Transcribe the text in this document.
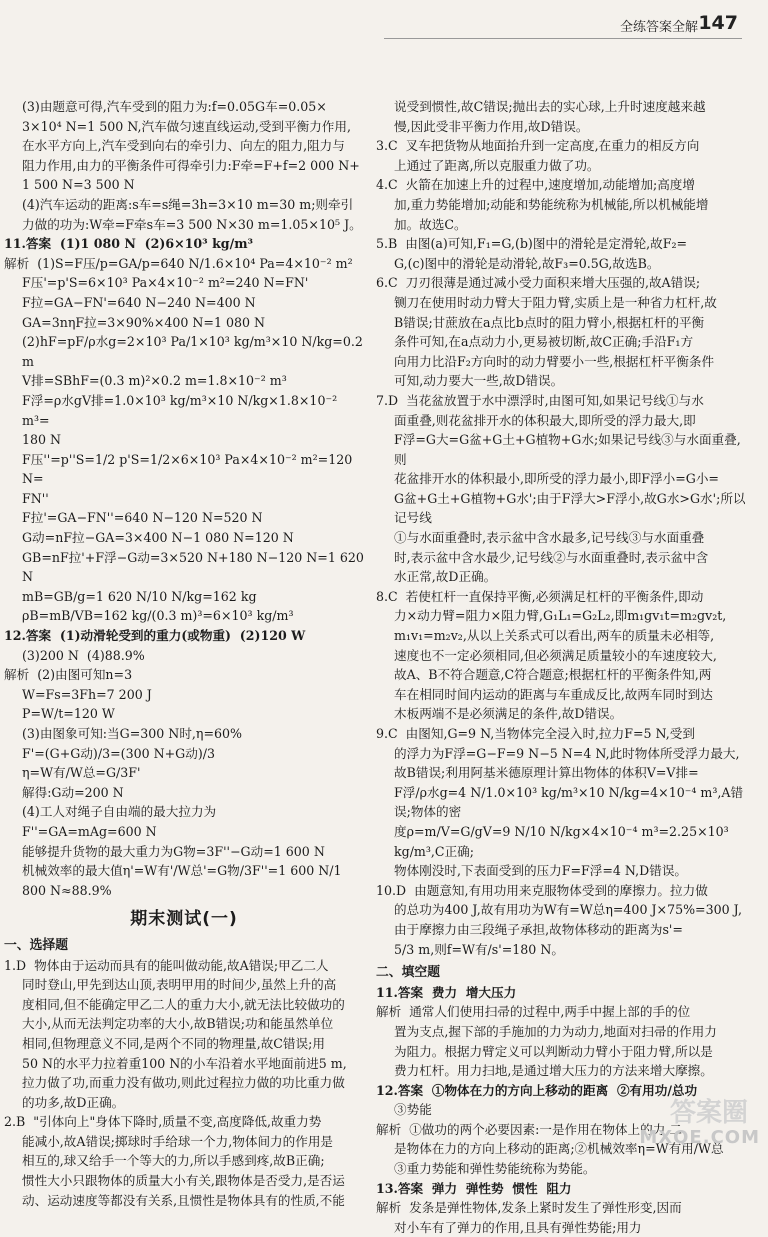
全练答案全解 147

(3)由题意可得,汽车受到的阻力为:f=0.05G车=0.05×

3×10⁴ N=1 500 N,汽车做匀速直线运动,受到平衡力作用,

在水平方向上,汽车受到向右的牵引力、向左的阻力,阻力与

阻力作用,由力的平衡条件可得牵引力:F牵=F+f=2 000 N+

1 500 N=3 500 N

(4)汽车运动的距离:s车=s绳=3h=3×10 m=30 m;则牵引

力做的功为:W牵=F牵s车=3 500 N×30 m=1.05×10⁵ J。

11.答案  (1)1 080 N  (2)6×10³ kg/m³

解析  (1)S=F压/p=GA/p=640 N/1.6×10⁴ Pa=4×10⁻² m²

F压'=p'S=6×10³ Pa×4×10⁻² m²=240 N=FN'

F拉=GA−FN'=640 N−240 N=400 N

GA=3nηF拉=3×90%×400 N=1 080 N

(2)hF=pF/ρ水g=2×10³ Pa/1×10³ kg/m³×10 N/kg=0.2 m

V排=SBhF=(0.3 m)²×0.2 m=1.8×10⁻² m³

F浮=ρ水gV排=1.0×10³ kg/m³×10 N/kg×1.8×10⁻² m³=

180 N

F压''=p''S=1/2 p'S=1/2×6×10³ Pa×4×10⁻² m²=120 N=

FN''

F拉'=GA−FN''=640 N−120 N=520 N

G动=nF拉−GA=3×400 N−1 080 N=120 N

GB=nF拉'+F浮−G动=3×520 N+180 N−120 N=1 620 N

mB=GB/g=1 620 N/10 N/kg=162 kg

ρB=mB/VB=162 kg/(0.3 m)³=6×10³ kg/m³

12.答案  (1)动滑轮受到的重力(或物重)  (2)120 W

(3)200 N  (4)88.9%

解析  (2)由图可知n=3

W=Fs=3Fh=7 200 J

P=W/t=120 W

(3)由图象可知:当G=300 N时,η=60%

F'=(G+G动)/3=(300 N+G动)/3

η=W有/W总=G/3F'

解得:G动=200 N

(4)工人对绳子自由端的最大拉力为

F''=GA=mAg=600 N

能够提升货物的最大重力为G物=3F''−G动=1 600 N

机械效率的最大值η'=W有'/W总'=G物/3F''=1 600 N/1 800 N≈88.9%

期末测试(一)
一、选择题

1.D  物体由于运动而具有的能叫做动能,故A错误;甲乙二人

同时登山,甲先到达山顶,表明甲用的时间少,虽然上升的高

度相同,但不能确定甲乙二人的重力大小,就无法比较做功的

大小,从而无法判定功率的大小,故B错误;功和能虽然单位

相同,但物理意义不同,是两个不同的物理量,故C错误;用

50 N的水平力拉着重100 N的小车沿着水平地面前进5 m,

拉力做了功,而重力没有做功,则此过程拉力做的功比重力做

的功多,故D正确。

2.B  "引体向上"身体下降时,质量不变,高度降低,故重力势

能减小,故A错误;掷球时手给球一个力,物体间力的作用是

相互的,球又给手一个等大的力,所以手感到疼,故B正确;

惯性大小只跟物体的质量大小有关,跟物体是否受力,是否运

动、运动速度等都没有关系,且惯性是物体具有的性质,不能

说受到惯性,故C错误;抛出去的实心球,上升时速度越来越

慢,因此受非平衡力作用,故D错误。

3.C  叉车把货物从地面抬升到一定高度,在重力的相反方向

上通过了距离,所以克服重力做了功。

4.C  火箭在加速上升的过程中,速度增加,动能增加;高度增

加,重力势能增加;动能和势能统称为机械能,所以机械能增

加。故选C。

5.B  由图(a)可知,F₁=G,(b)图中的滑轮是定滑轮,故F₂=

G,(c)图中的滑轮是动滑轮,故F₃=0.5G,故选B。

6.C  刀刃很薄是通过减小受力面积来增大压强的,故A错误;

铡刀在使用时动力臂大于阻力臂,实质上是一种省力杠杆,故

B错误;甘蔗放在a点比b点时的阻力臂小,根据杠杆的平衡

条件可知,在a点动力小,更易被切断,故C正确;手沿F₁方

向用力比沿F₂方向时的动力臂要小一些,根据杠杆平衡条件

可知,动力要大一些,故D错误。

7.D  当花盆放置于水中漂浮时,由图可知,如果记号线①与水

面重叠,则花盆排开水的体积最大,即所受的浮力最大,即

F浮=G大=G盆+G土+G植物+G水;如果记号线③与水面重叠,则

花盆排开水的体积最小,即所受的浮力最小,即F浮小=G小=

G盆+G土+G植物+G水';由于F浮大>F浮小,故G水>G水';所以记号线

①与水面重叠时,表示盆中含水最多,记号线③与水面重叠

时,表示盆中含水最少,记号线②与水面重叠时,表示盆中含

水正常,故D正确。

8.C  若使杠杆一直保持平衡,必须满足杠杆的平衡条件,即动

力×动力臂=阻力×阻力臂,G₁L₁=G₂L₂,即m₁gv₁t=m₂gv₂t,

m₁v₁=m₂v₂,从以上关系式可以看出,两车的质量未必相等,

速度也不一定必须相同,但必须满足质量较小的车速度较大,

故A、B不符合题意,C符合题意;根据杠杆的平衡条件知,两

车在相同时间内运动的距离与车重成反比,故两车同时到达

木板两端不是必须满足的条件,故D错误。

9.C  由图知,G=9 N,当物体完全浸入时,拉力F=5 N,受到

的浮力为F浮=G−F=9 N−5 N=4 N,此时物体所受浮力最大,

故B错误;利用阿基米德原理计算出物体的体积V=V排=

F浮/ρ水g=4 N/1.0×10³ kg/m³×10 N/kg=4×10⁻⁴ m³,A错误;物体的密

度ρ=m/V=G/gV=9 N/10 N/kg×4×10⁻⁴ m³=2.25×10³ kg/m³,C正确;

物体刚没时,下表面受到的压力F=F浮=4 N,D错误。

10.D  由题意知,有用功用来克服物体受到的摩擦力。拉力做

的总功为400 J,故有用功为W有=W总η=400 J×75%=300 J,

由于摩擦力由三段绳子承担,故物体移动的距离为s'=

5/3 m,则f=W有/s'=180 N。

二、填空题

11.答案  费力  增大压力

解析  通常人们使用扫帚的过程中,两手中握上部的手的位

置为支点,握下部的手施加的力为动力,地面对扫帚的作用力

为阻力。根据力臂定义可以判断动力臂小于阻力臂,所以是

费力杠杆。用力扫地,是通过增大压力的方法来增大摩擦。

12.答案  ①物体在力的方向上移动的距离  ②有用功/总功

③势能

解析  ①做功的两个必要因素:一是作用在物体上的力,二

是物体在力的方向上移动的距离;②机械效率η=W有用/W总

③重力势能和弹性势能统称为势能。

13.答案  弹力  弹性势  惯性  阻力

解析  发条是弹性物体,发条上紧时发生了弹性形变,因而

对小车有了弹力的作用,且具有弹性势能;用力

答案圈
MXQE.COM
